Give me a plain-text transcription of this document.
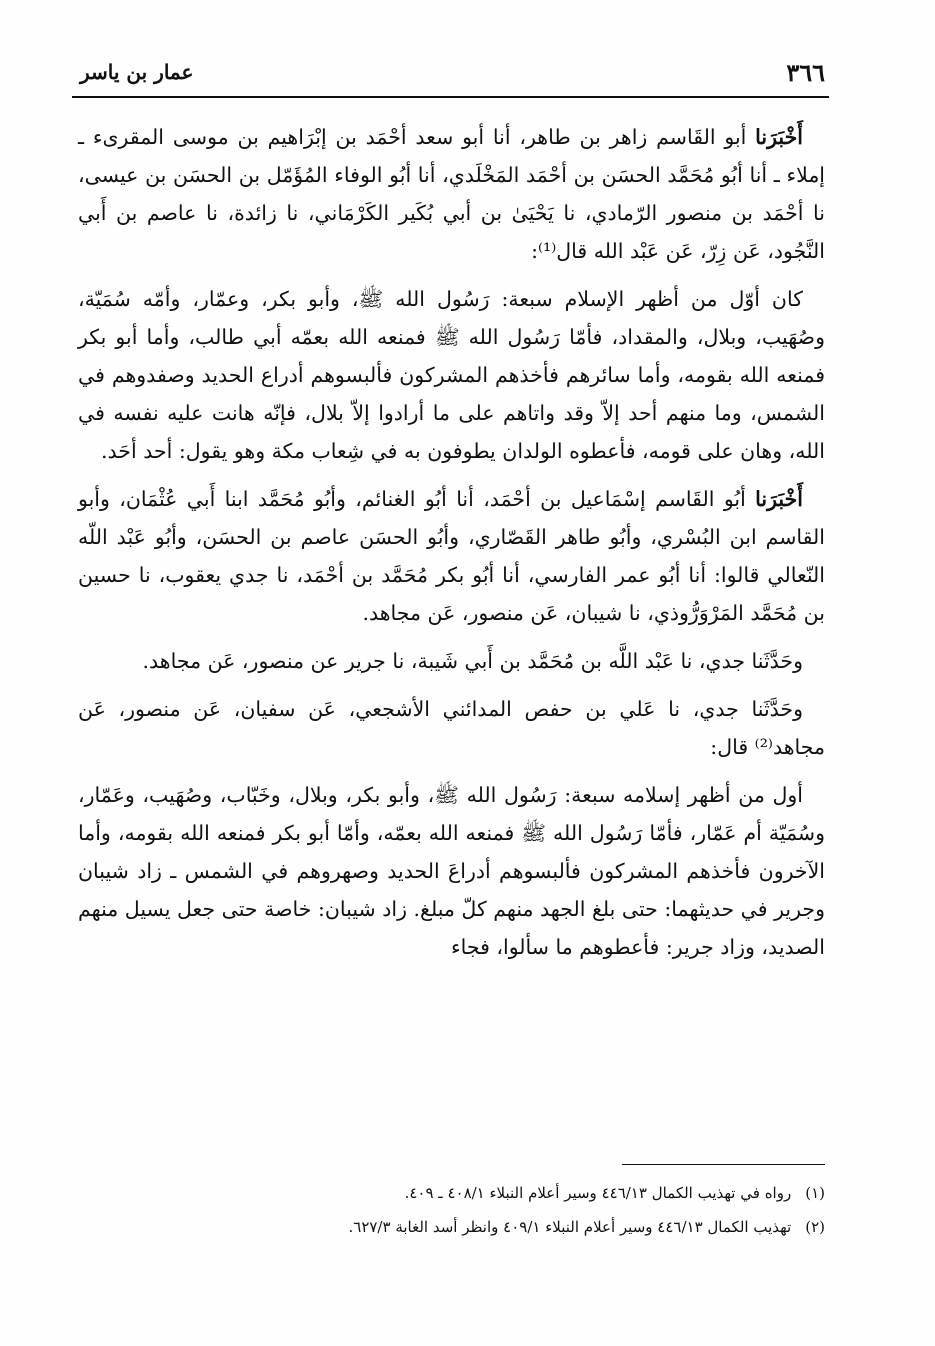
٣٦٦
عمار بن ياسر

أَخْبَرَنا أبو القَاسم زاهر بن طاهر، أنا أبو سعد أحْمَد بن إبْرَاهيم بن موسى المقرىء ـ إملاء ـ أنا أبُو مُحَمَّد الحسَن بن أحْمَد المَخْلَدي، أنا أبُو الوفاء المُؤَمّل بن الحسَن بن عيسى، نا أحْمَد بن منصور الرّمادي، نا يَحْيَىٰ بن أبي بُكَير الكَرْمَاني، نا زائدة، نا عاصم بن أَبي النَّجُود، عَن زِرّ، عَن عَبْد الله قال⁽¹⁾:

كان أوّل من أظهر الإسلام سبعة: رَسُول الله ﷺ، وأبو بكر، وعمّار، وأمّه سُمَيّة، وصُهَيب، وبلال، والمقداد، فأمّا رَسُول الله ﷺ فمنعه الله بعمّه أبي طالب، وأما أبو بكر فمنعه الله بقومه، وأما سائرهم فأخذهم المشركون فألبسوهم أدراع الحديد وصفدوهم في الشمس، وما منهم أحد إلاّ وقد واتاهم على ما أرادوا إلاّ بلال، فإنّه هانت عليه نفسه في الله، وهان على قومه، فأعطوه الولدان يطوفون به في شِعاب مكة وهو يقول: أحد أحَد.

أَخْبَرَنا أبُو القَاسم إسْمَاعيل بن أحْمَد، أنا أبُو الغنائم، وأبُو مُحَمَّد ابنا أَبي عُثْمَان، وأبو القاسم ابن البُسْري، وأبُو طاهر القَصّاري، وأبُو الحسَن عاصم بن الحسَن، وأبُو عَبْد اللّه النّعالي قالوا: أنا أبُو عمر الفارسي، أنا أبُو بكر مُحَمَّد بن أحْمَد، نا جدي يعقوب، نا حسين بن مُحَمَّد المَرْوَرُّوذي، نا شيبان، عَن منصور، عَن مجاهد.

وحَدَّثَنا جدي، نا عَبْد اللَّه بن مُحَمَّد بن أَبي شَيبة، نا جرير عن منصور، عَن مجاهد.

وحَدَّثَنا جدي، نا عَلي بن حفص المدائني الأشجعي، عَن سفيان، عَن منصور، عَن مجاهد⁽²⁾ قال:

أول من أظهر إسلامه سبعة: رَسُول الله ﷺ، وأبو بكر، وبلال، وخَبّاب، وصُهَيب، وعَمّار، وسُمَيّة أم عَمّار، فأمّا رَسُول الله ﷺ فمنعه الله بعمّه، وأمّا أبو بكر فمنعه الله بقومه، وأما الآخرون فأخذهم المشركون فألبسوهم أدراعَ الحديد وصهروهم في الشمس ـ زاد شيبان وجرير في حديثهما: حتى بلغ الجهد منهم كلّ مبلغ. زاد شيبان: خاصة حتى جعل يسيل منهم الصديد، وزاد جرير: فأعطوهم ما سألوا، فجاء

(١)رواه في تهذيب الكمال ٤٤٦/١٣ وسير أعلام النبلاء ٤٠٨/١ ـ ٤٠٩.
(٢)تهذيب الكمال ٤٤٦/١٣ وسير أعلام النبلاء ٤٠٩/١ وانظر أسد الغابة ٦٢٧/٣.
